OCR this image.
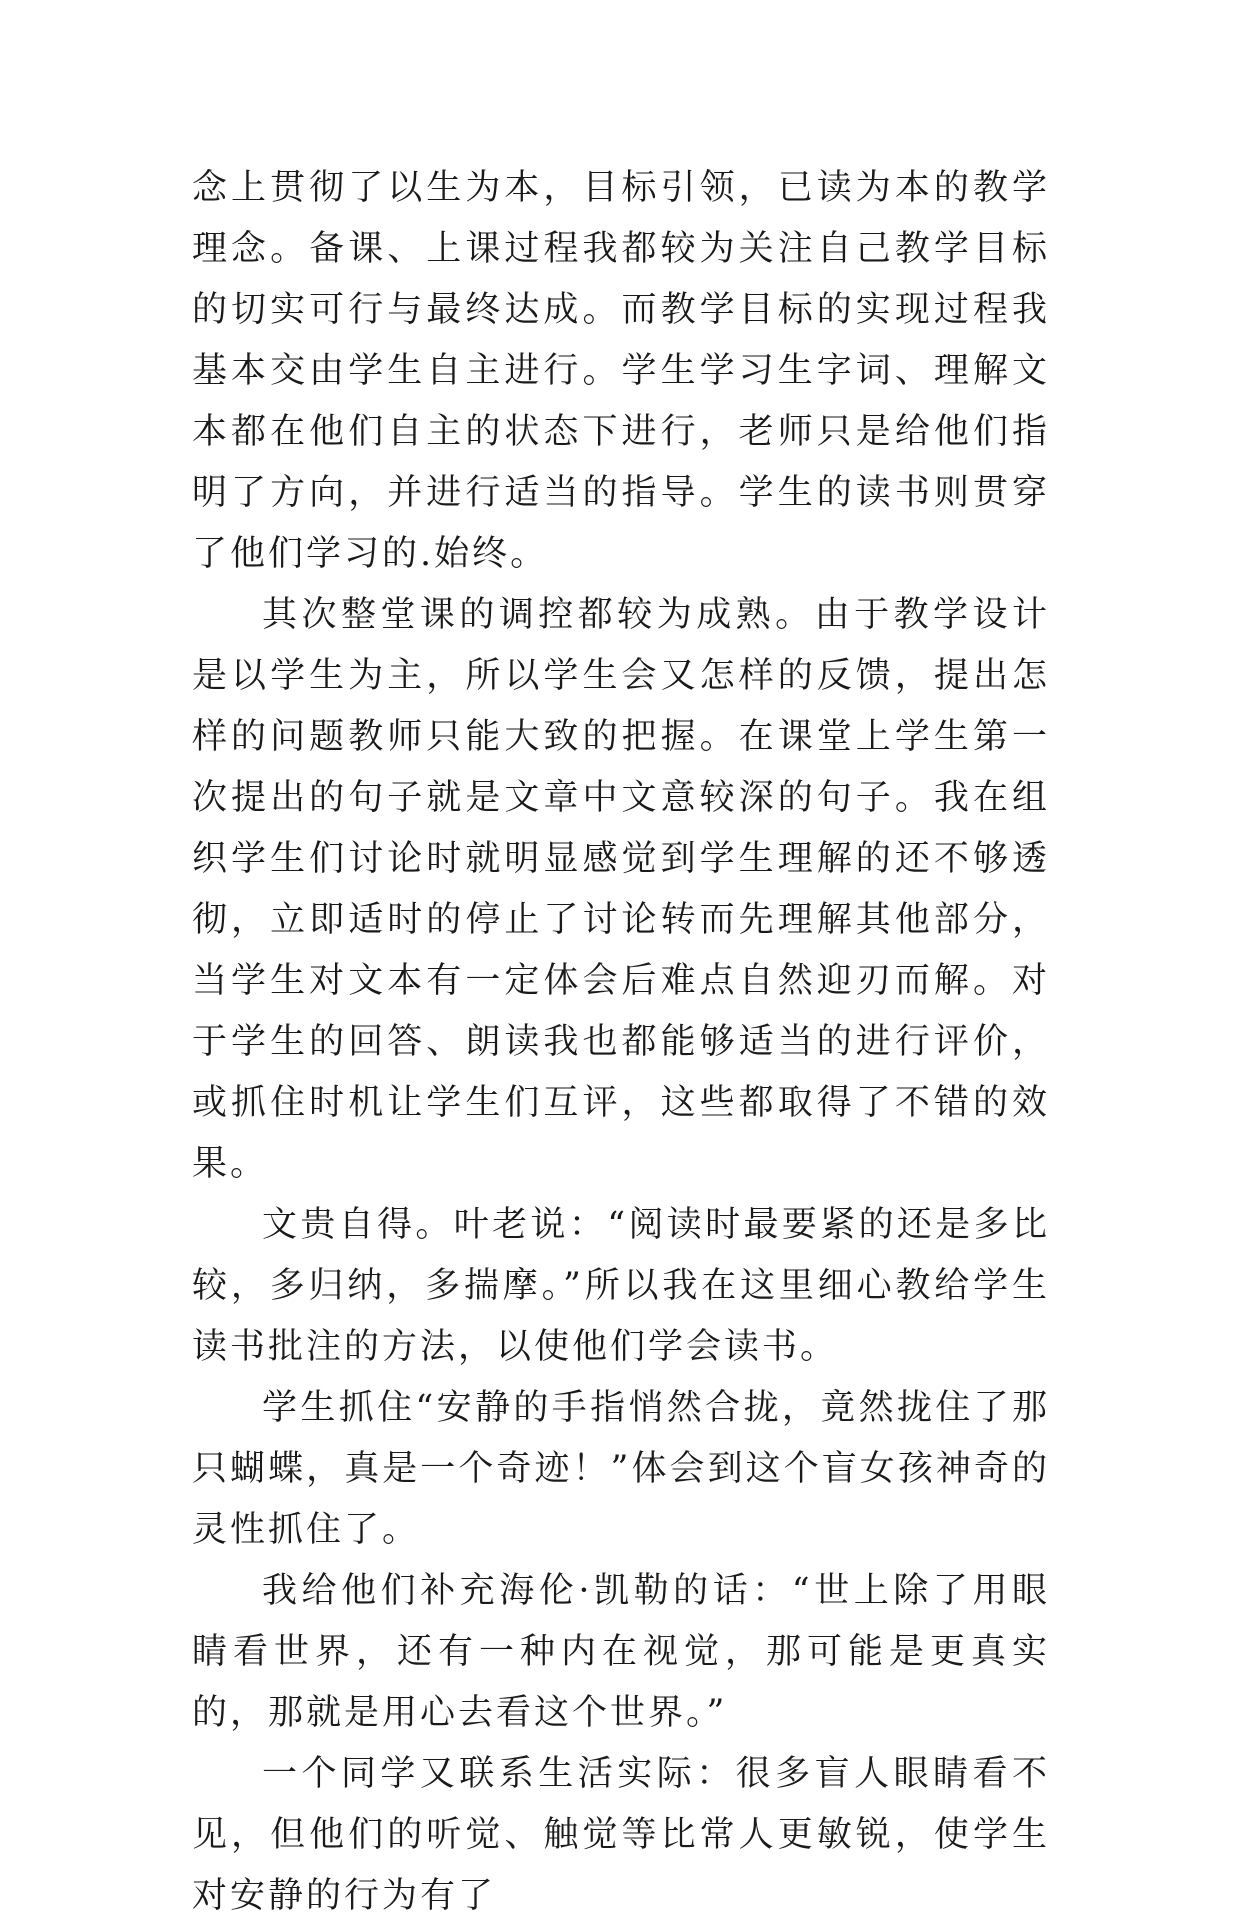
念上贯彻了以生为本，目标引领，已读为本的教学理念。备课、上课过程我都较为关注自己教学目标的切实可行与最终达成。而教学目标的实现过程我基本交由学生自主进行。学生学习生字词、理解文本都在他们自主的状态下进行，老师只是给他们指明了方向，并进行适当的指导。学生的读书则贯穿了他们学习的.始终。

其次整堂课的调控都较为成熟。由于教学设计是以学生为主，所以学生会又怎样的反馈，提出怎样的问题教师只能大致的把握。在课堂上学生第一次提出的句子就是文章中文意较深的句子。我在组织学生们讨论时就明显感觉到学生理解的还不够透彻，立即适时的停止了讨论转而先理解其他部分，当学生对文本有一定体会后难点自然迎刃而解。对于学生的回答、朗读我也都能够适当的进行评价，或抓住时机让学生们互评，这些都取得了不错的效果。

文贵自得。叶老说：“阅读时最要紧的还是多比较，多归纳，多揣摩。”所以我在这里细心教给学生读书批注的方法，以使他们学会读书。

学生抓住“安静的手指悄然合拢，竟然拢住了那只蝴蝶，真是一个奇迹！”体会到这个盲女孩神奇的灵性抓住了。

我给他们补充海伦·凯勒的话：“世上除了用眼睛看世界，还有一种内在视觉，那可能是更真实的，那就是用心去看这个世界。”

一个同学又联系生活实际：很多盲人眼睛看不见，但他们的听觉、触觉等比常人更敏锐，使学生对安静的行为有了
